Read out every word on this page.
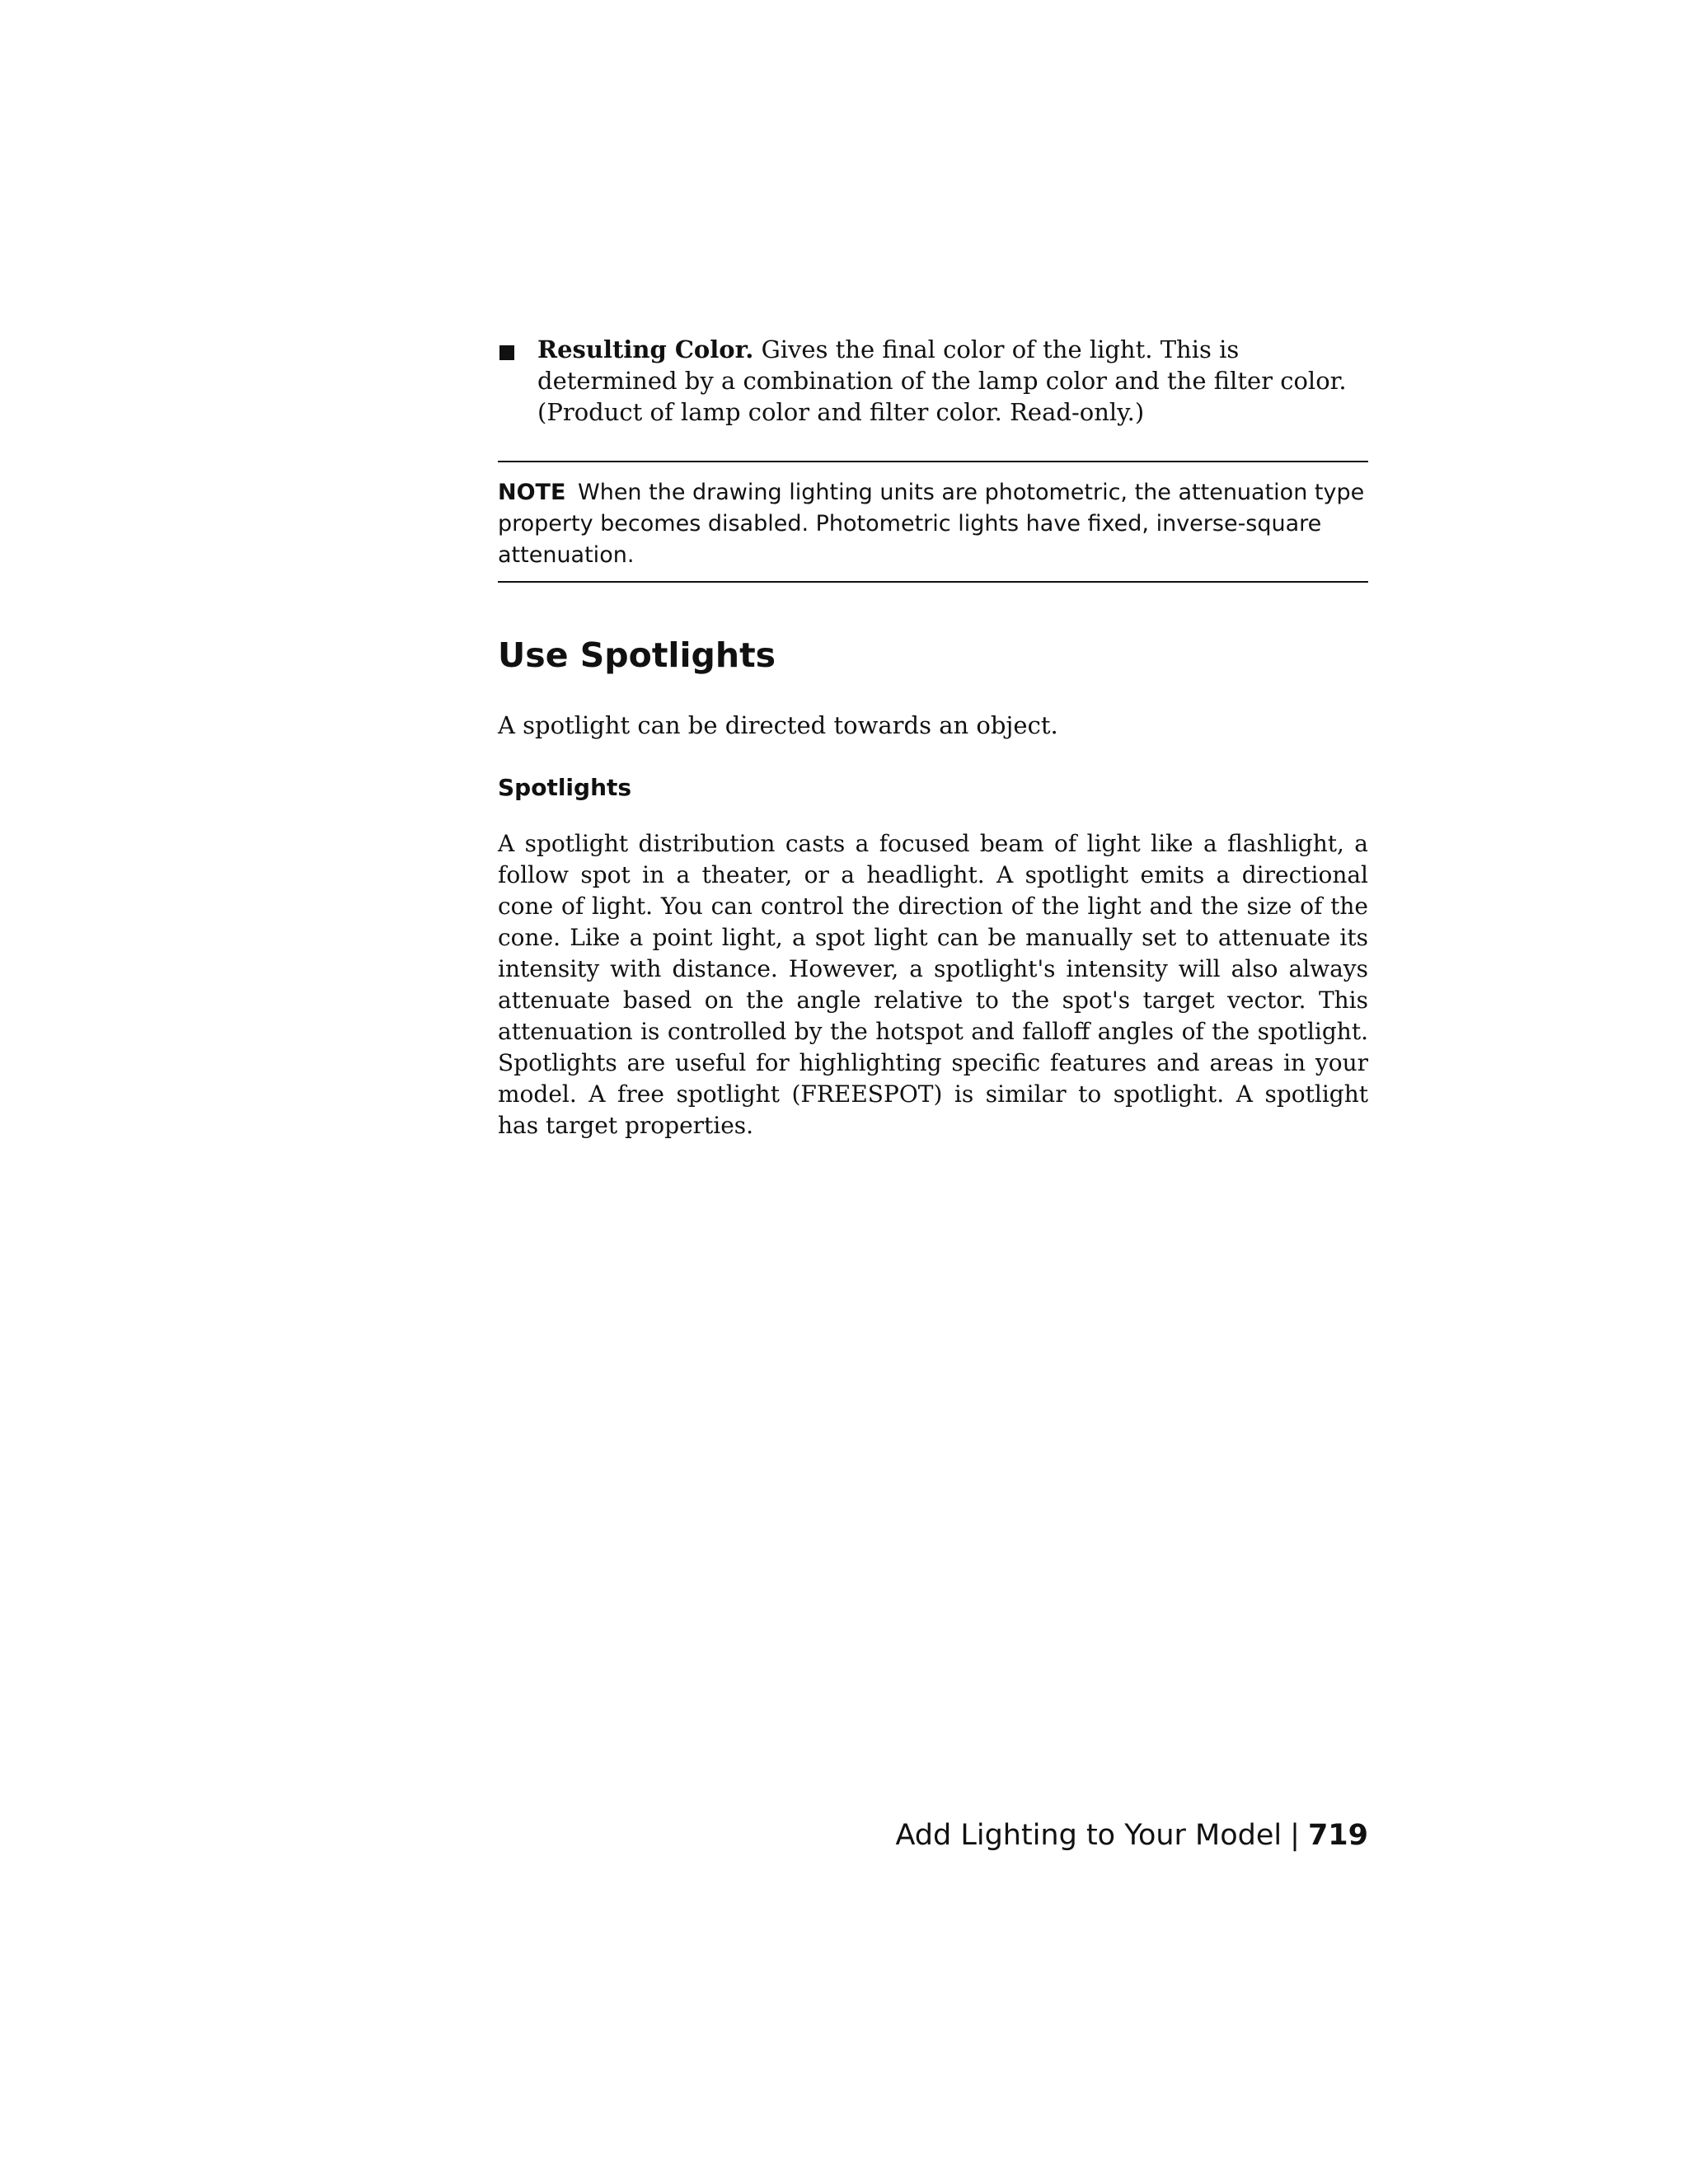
Resulting Color. Gives the final color of the light. This is determined by a combination of the lamp color and the filter color. (Product of lamp color and filter color. Read-only.)
NOTE When the drawing lighting units are photometric, the attenuation type property becomes disabled. Photometric lights have fixed, inverse-square attenuation.
Use Spotlights

A spotlight can be directed towards an object.

Spotlights

A spotlight distribution casts a focused beam of light like a flashlight, a follow spot in a theater, or a headlight. A spotlight emits a directional cone of light. You can control the direction of the light and the size of the cone. Like a point light, a spot light can be manually set to attenuate its intensity with distance. However, a spotlight's intensity will also always attenuate based on the angle relative to the spot's target vector. This attenuation is controlled by the hotspot and falloff angles of the spotlight. Spotlights are useful for highlighting specific features and areas in your model. A free spotlight (FREESPOT) is similar to spotlight. A spotlight has target properties.

Add Lighting to Your Model | 719
